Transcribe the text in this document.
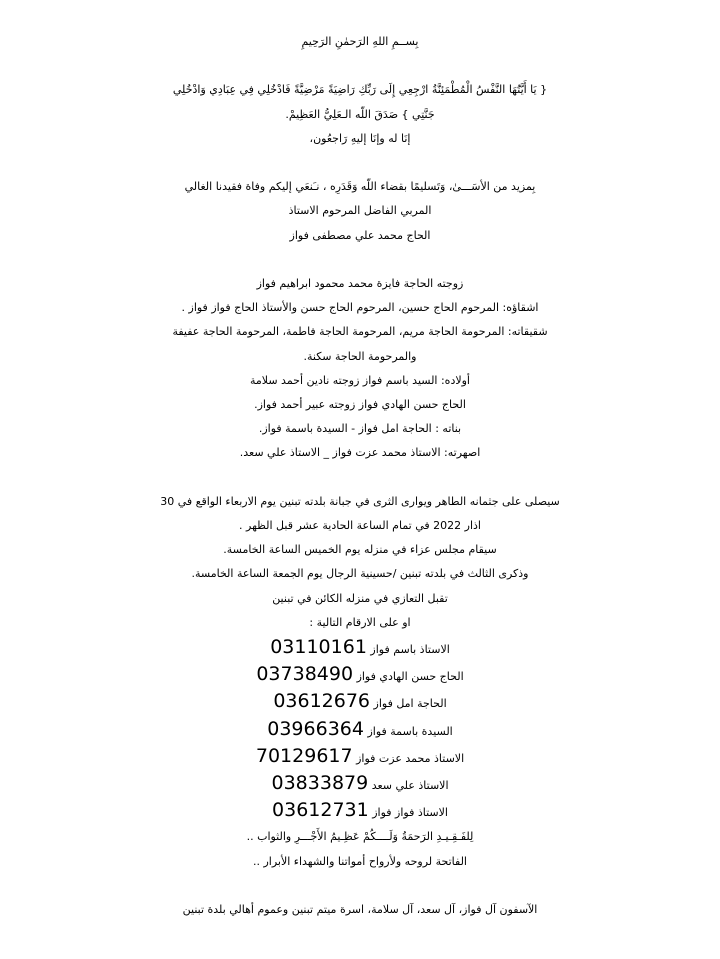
بِســمِ اللهِ الرَحمٰنِ الرَحِيمِ
{ يَا أَيَّتُهَا النَّفْسُ الْمُطْمَئِنَّةُ ارْجِعِي إِلَى رَبِّكِ رَاضِيَةً مَرْضِيَّةً فَادْخُلِي فِي عِبَادِي وَادْخُلِي
جَنَّتِي } صَدَقَ اللّه الـعَلِيُّ العَظِيمْ.
إنَا له وإنَا إليهِ رَاجعُون،
بِمزيد من الأسَـــىٰ، وَتَسليمًا بقضاء اللّه وَقَدَرِه ، نـَنعَي إليكم وفاة فقيدنا الغالي
المربي الفاضل المرحوم الاستاذ
الحاج محمد علي مصطفى فواز
زوجته الحاجة فايزة محمد محمود ابراهيم فواز
اشقاؤه: المرحوم الحاج حسين، المرحوم الحاج حسن والأستاذ الحاج فواز فواز .
شقيقاته: المرحومة الحاجة مريم، المرحومة الحاجة فاطمة، المرحومة الحاجة عفيفة
والمرحومة الحاجة سكنة.
أولاده: السيد باسم فواز زوجته نادين أحمد سلامة
الحاج حسن الهادي فواز زوجته عبير أحمد فواز.
بناته : الحاجة امل فواز - السيدة باسمة فواز.
اصهرته: الاستاذ محمد عزت فواز _ الاستاذ علي سعد.
سيصلى على جثمانه الطاهر ويوارى الثرى في جبانة بلدته تبنين يوم الاربعاء الواقع في 30
اذار 2022 في تمام الساعة الحادية عشر قبل الظهر .
سيقام مجلس عزاء في منزله يوم الخميس الساعة الخامسة.
وذكرى الثالث في بلدته تبنين /حسينية الرجال يوم الجمعة الساعة الخامسة.
تقبل التعازي في منزله الكائن في تبنين
او على الارقام التالية :
الاستاذ باسم فواز 03110161
الحاج حسن الهادي فواز 03738490
الحاجة امل فواز 03612676
السيدة باسمة فواز 03966364
الاستاذ محمد عزت فواز 70129617
الاستاذ علي سعد 03833879
الاستاذ فواز فواز 03612731
لِلفَـقِـيـدِ الرَحمَةُ وَلَــــكُمْ عَظِـيمُ الأَجْـــرِ والثواب ..
الفاتحة لروحه ولأرواح أمواتنا والشهداء الأبرار ..
الآسفون آل فواز، آل سعد، آل سلامة، اسرة ميتم تبنين وعموم أهالي بلدة تبنين
